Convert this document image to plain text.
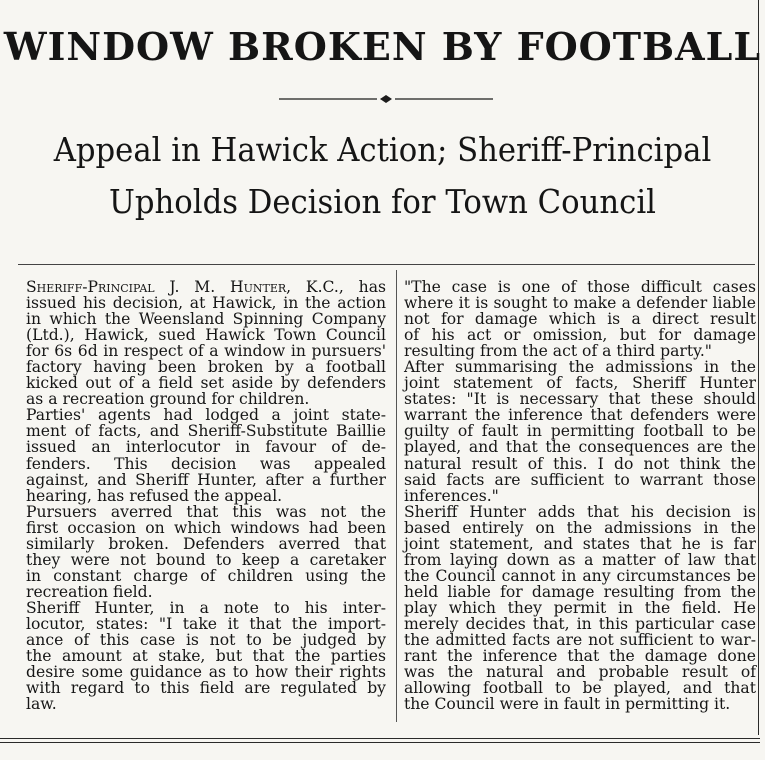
WINDOW BROKEN BY FOOTBALL
Appeal in Hawick Action; Sheriff-Principal
Upholds Decision for Town Council
Sheriff-Principal J. M. Hunter, K.C., has
issued his decision, at Hawick, in the action
in which the Weensland Spinning Company
(Ltd.), Hawick, sued Hawick Town Council
for 6s 6d in respect of a window in pursuers'
factory having been broken by a football
kicked out of a field set aside by defenders
as a recreation ground for children.
Parties' agents had lodged a joint state-
ment of facts, and Sheriff-Substitute Baillie
issued an interlocutor in favour of de-
fenders. This decision was appealed
against, and Sheriff Hunter, after a further
hearing, has refused the appeal.
Pursuers averred that this was not the
first occasion on which windows had been
similarly broken. Defenders averred that
they were not bound to keep a caretaker
in constant charge of children using the
recreation field.
Sheriff Hunter, in a note to his inter-
locutor, states: "I take it that the import-
ance of this case is not to be judged by
the amount at stake, but that the parties
desire some guidance as to how their rights
with regard to this field are regulated by
law.
"The case is one of those difficult cases
where it is sought to make a defender liable
not for damage which is a direct result
of his act or omission, but for damage
resulting from the act of a third party."
After summarising the admissions in the
joint statement of facts, Sheriff Hunter
states: "It is necessary that these should
warrant the inference that defenders were
guilty of fault in permitting football to be
played, and that the consequences are the
natural result of this. I do not think the
said facts are sufficient to warrant those
inferences."
Sheriff Hunter adds that his decision is
based entirely on the admissions in the
joint statement, and states that he is far
from laying down as a matter of law that
the Council cannot in any circumstances be
held liable for damage resulting from the
play which they permit in the field. He
merely decides that, in this particular case
the admitted facts are not sufficient to war-
rant the inference that the damage done
was the natural and probable result of
allowing football to be played, and that
the Council were in fault in permitting it.
